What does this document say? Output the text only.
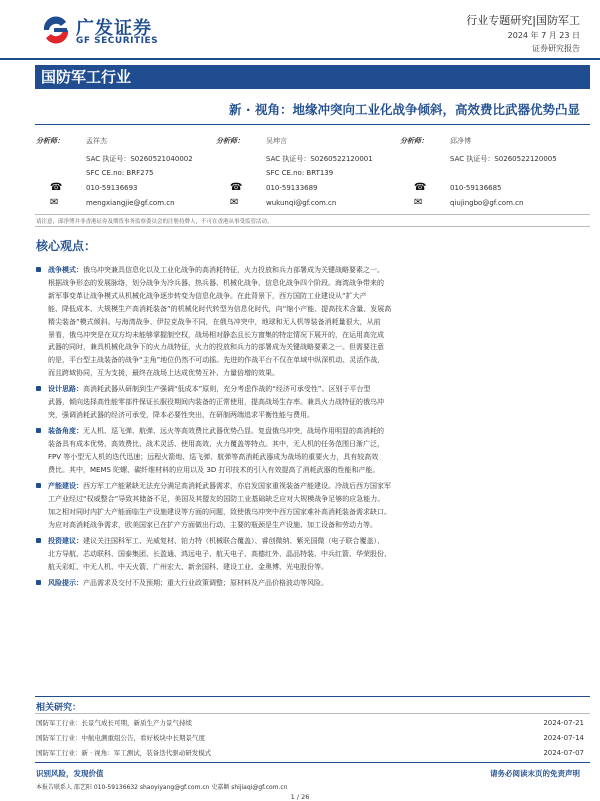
广发证券
GF SECURITIES
行业专题研究|国防军工
2024 年 7 月 23 日
证券研究报告
国防军工行业
新 · 视角：地缘冲突向工业化战争倾斜，高效费比武器优势凸显
分析师：	孟祥杰
SAC 执证号：S0260521040002
SFC CE.no: BRF275
☎	010-59136693
✉	mengxiangjie@gf.com.cn
分析师：	吴坤言
SAC 执证号：S0260522120001
SFC CE.no: BRT139
☎	010-59133689
✉	wukunqi@gf.com.cn
分析师：	邱净博
SAC 执证号：S0260522120005
☎	010-59136685
✉	qiujingbo@gf.com.cn
请注意，邱净博并非香港证券及期货事务监察委员会的注册持牌人，不可在香港从事受监管活动。
核心观点：
战争模式：俄乌冲突兼具信息化以及工业化战争的高消耗特征，火力投放和兵力部署成为关键战略要素之一。
根据战争形态的发展脉络，划分战争为冷兵器、热兵器、机械化战争、信息化战争四个阶段。海湾战争带来的
新军事变革让战争模式从机械化战争逐步转变为信息化战争。在此背景下，西方国防工业建设从“扩大产
能、降低成本、大规模生产高消耗装备”的机械化时代转型为信息化时代，向“缩小产能、提高技术含量、发展高
精尖装备”模式倾斜。与海湾战争、伊拉克战争不同，在俄乌冲突中，地球和无人机等装备消耗量很大，从前
景看，俄乌冲突是在双方均未能够掌握制空权，战场相对静态且长方窗集的特定情况下展开的，在运用高完成
武器的同时，兼具机械化战争下的火力战特征，火力的投放和兵力的部署成为关键战略要素之一。但需要注意
的是，平台型主战装备的战争“主角”地位仍然不可动摇。先进的作战平台不仅在单域中纵深机动、灵活作战，
而且跨域协同，互为支援，最终在战场上达成优势互补、力量倍增的效果。
设计思路：高消耗武器从研制到生产强调“低成本”原则，充分考虑作战的“经济可承受性”。区别于平台型
武器，倾向选择高性能零部件保证长服役期间内装备的正常使用，提高战场生存率。兼具火力战特征的俄乌冲
突，强调消耗武器的经济可承受，降本必要性突出，在研制两端追求平衡性能与费用。
装备角度：无人机、巡飞弹、航弹、远火等高效费比武器优势凸显。复盘俄乌冲突，战场作用明显的高消耗的
装备具有成本优势、高效费比、战术灵活、使用高效、火力覆盖等特点。其中，无人机的任务范围日渐广泛，
FPV 等小型无人机的迭代迅速；远程火箭炮、巡飞弹、航弹等高消耗武器成为战场的重要火力，具有较高效
费比。其中，MEMS 陀螺、碳纤维材料的应用以及 3D 打印技术的引入有效提高了消耗武器的性能和产能。
产能建设：西方军工产能紧缺无法充分满足高消耗武器需求，亦启发国家重视装备产能建设。冷战后西方国家军
工产业经过“权威整合”导致其储备不足，美国及其盟友的国防工业基础缺乏应对大规模战争足够的应急能力。
加之相对同时内扩大产能面临生产设施建设等方面的问题，致使俄乌冲突中西方国家难补高消耗装备需求缺口。
为应对高消耗战争需求，欧美国家已在扩产方面做出行动，主要的瓶颈是生产设施、加工设备和劳动力等。
投资建议：建议关注国科军工、光威复材、铂力特（机械联合覆盖）、睿创微纳、紫光国微（电子联合覆盖）、
北方导航、芯动联科、国泰集团、长盈通、鸿远电子、航天电子、高德红外、晶品特装、中兵红箭、华荣股份、
航天彩虹、中无人机、中天火箭、广州宏大、新余国科、建设工业、金奥博、光电股份等。
风险提示：产品需求及交付不及预期；重大行业政策调整；原材料及产品价格波动等风险。
相关研究：
国防军工行业：长景气成长可期，新质生产力景气持续	2024-07-21
国防军工行业：中航电测重组公告，看好板块中长期景气度	2024-07-14
国防军工行业：新 · 视角：军工测试，装备迭代驱动研发模式	2024-07-07
识别风险，发现价值	请务必阅读末页的免责声明
本报告联系人 邵艺阳 010-59136632 shaoyiyang@gf.com.cn 史嘉颖 shijiaqi@gf.com.cn
1 / 26
